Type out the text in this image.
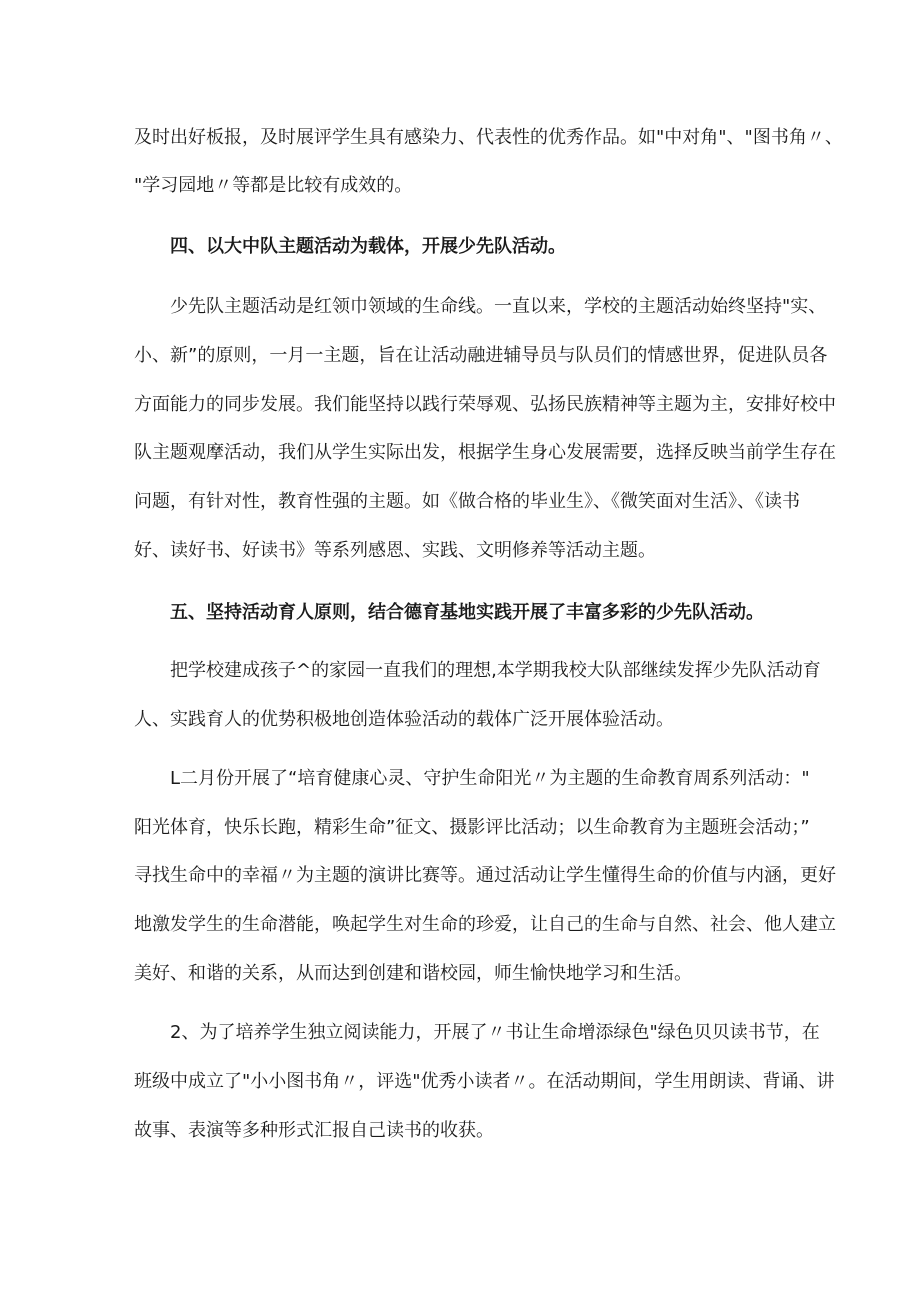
及时出好板报，及时展评学生具有感染力、代表性的优秀作品。如"中对角"、"图书角〃、
"学习园地〃等都是比较有成效的。
四、以大中队主题活动为载体，开展少先队活动。
少先队主题活动是红领巾领域的生命线。一直以来，学校的主题活动始终坚持"实、
小、新”的原则，一月一主题，旨在让活动融进辅导员与队员们的情感世界，促进队员各
方面能力的同步发展。我们能坚持以践行荣辱观、弘扬民族精神等主题为主，安排好校中
队主题观摩活动，我们从学生实际出发，根据学生身心发展需要，选择反映当前学生存在
问题，有针对性，教育性强的主题。如《做合格的毕业生》、《微笑面对生活》、《读书
好、读好书、好读书》等系列感恩、实践、文明修养等活动主题。
五、坚持活动育人原则，结合德育基地实践开展了丰富多彩的少先队活动。
把学校建成孩子^的家园一直我们的理想,本学期我校大队部继续发挥少先队活动育
人、实践育人的优势积极地创造体验活动的载体广泛开展体验活动。
L二月份开展了“培育健康心灵、守护生命阳光〃为主题的生命教育周系列活动："
阳光体育，快乐长跑，精彩生命”征文、摄影评比活动；以生命教育为主题班会活动；”
寻找生命中的幸福〃为主题的演讲比赛等。通过活动让学生懂得生命的价值与内涵，更好
地激发学生的生命潜能，唤起学生对生命的珍爱，让自己的生命与自然、社会、他人建立
美好、和谐的关系，从而达到创建和谐校园，师生愉快地学习和生活。
2、为了培养学生独立阅读能力，开展了〃书让生命增添绿色"绿色贝贝读书节，在
班级中成立了"小小图书角〃，评选"优秀小读者〃。在活动期间，学生用朗读、背诵、讲
故事、表演等多种形式汇报自己读书的收获。
